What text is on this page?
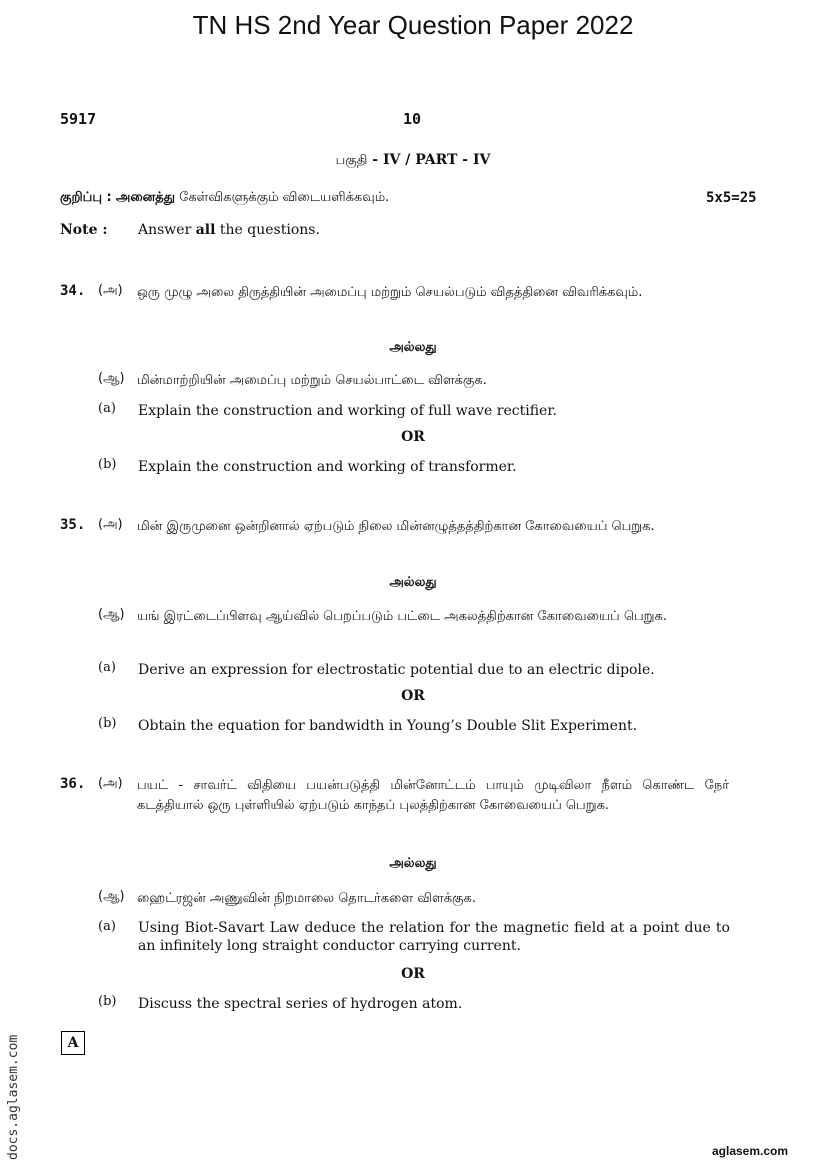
TN HS 2nd Year Question Paper 2022
5917	10
பகுதி - IV / PART - IV
குறிப்பு : அனைத்து கேள்விகளுக்கும் விடையளிக்கவும்.	5x5=25
Note : Answer all the questions.
34. (அ) ஒரு முழு அலை திருத்தியின் அமைப்பு மற்றும் செயல்படும் விதத்தினை விவரிக்கவும்.
அல்லது
(ஆ) மின்மாற்றியின் அமைப்பு மற்றும் செயல்பாட்டை விளக்குக.
(a) Explain the construction and working of full wave rectifier.
OR
(b) Explain the construction and working of transformer.
35. (அ) மின் இருமுனை ஒன்றினால் ஏற்படும் நிலை மின்னழுத்தத்திற்கான கோவையைப் பெறுக.
அல்லது
(ஆ) யங் இரட்டைப்பிளவு ஆய்வில் பெறப்படும் பட்டை அகலத்திற்கான கோவையைப் பெறுக.
(a) Derive an expression for electrostatic potential due to an electric dipole.
OR
(b) Obtain the equation for bandwidth in Young’s Double Slit Experiment.
36. (அ) பயட் - சாவர்ட் விதியை பயன்படுத்தி மின்னோட்டம் பாயும் முடிவிலா நீளம் கொண்ட நேர் கடத்தியால் ஒரு புள்ளியில் ஏற்படும் காந்தப் புலத்திற்கான கோவையைப் பெறுக.
அல்லது
(ஆ) ஹைட்ரஜன் அணுவின் நிறமாலை தொடர்களை விளக்குக.
(a) Using Biot-Savart Law deduce the relation for the magnetic field at a point due to an infinitely long straight conductor carrying current.
OR
(b) Discuss the spectral series of hydrogen atom.
docs.aglasem.com	A
aglasem.com
